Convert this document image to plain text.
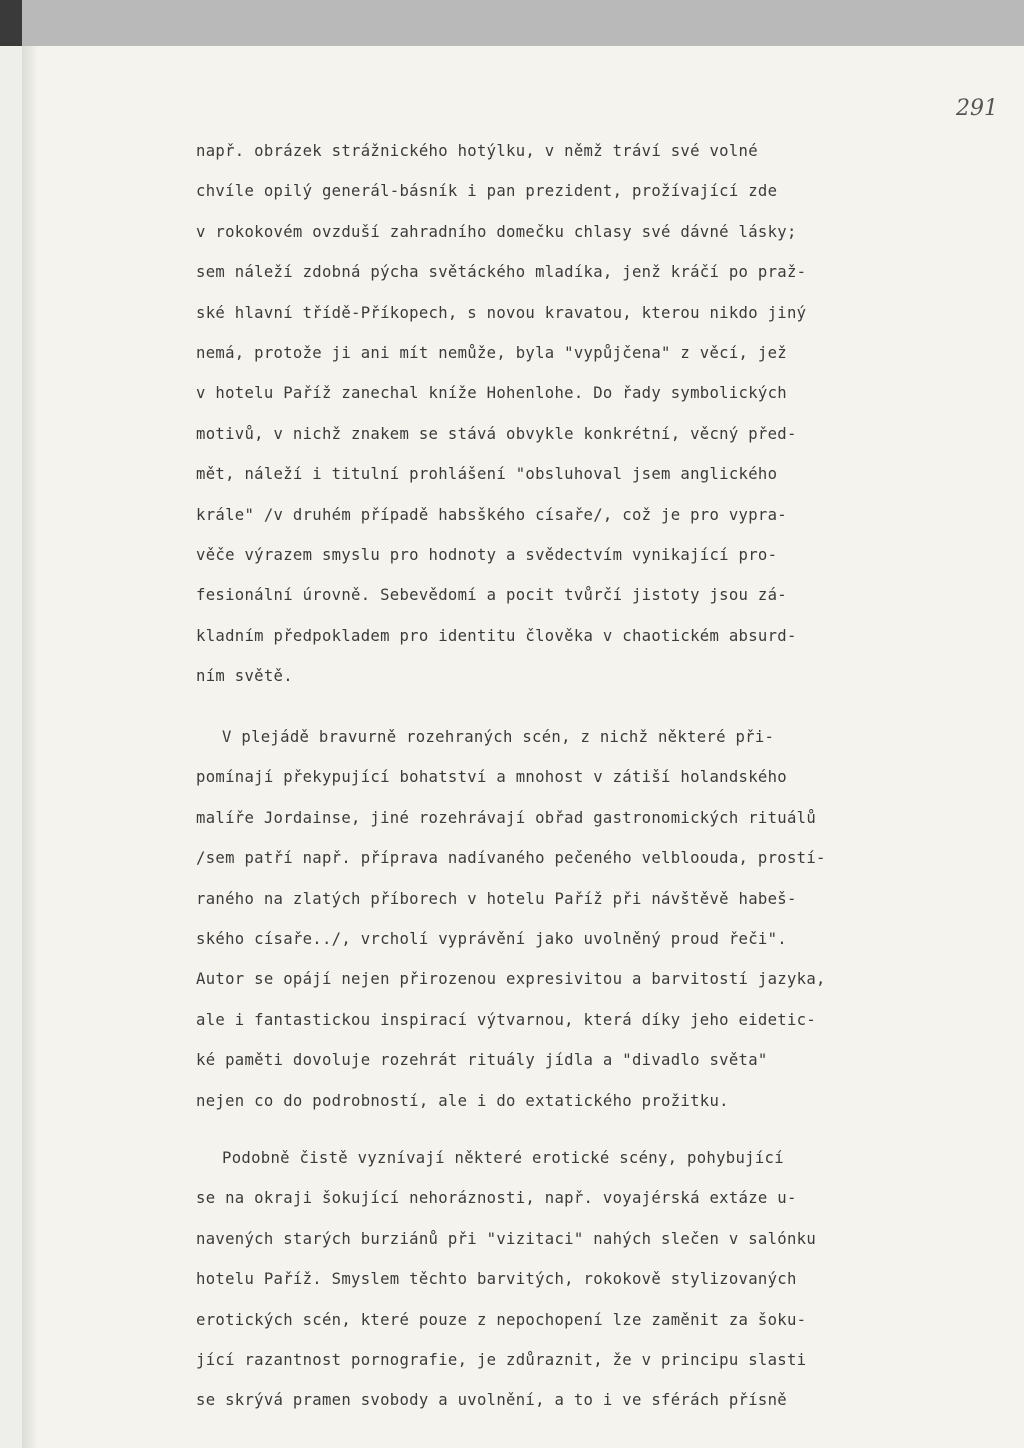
291
např. obrázek strážnického hotýlku, v němž tráví své volné
chvíle opilý generál-básník i pan prezident, prožívající zde
v rokokovém ovzduší zahradního domečku chlasy své dávné lásky;
sem náleží zdobná pýcha světáckého mladíka, jenž kráčí po praž-
ské hlavní třídě-Příkopech, s novou kravatou, kterou nikdo jiný
nemá, protože ji ani mít nemůže, byla "vypůjčena" z věcí, jež
v hotelu Paříž zanechal kníže Hohenlohe. Do řady symbolických
motivů, v nichž znakem se stává obvykle konkrétní, věcný před-
mět, náleží i titulní prohlášení "obsluhoval jsem anglického
krále" /v druhém případě habsškého císaře/, což je pro vypra-
věče výrazem smyslu pro hodnoty a svědectvím vynikající pro-
fesionální úrovně. Sebevědomí a pocit tvůrčí jistoty jsou zá-
kladním předpokladem pro identitu člověka v chaotickém absurd-
ním světě.
V plejádě bravurně rozehraných scén, z nichž některé při-
pomínají překypující bohatství a mnohost v zátiší holandského
malíře Jordainse, jiné rozehrávají obřad gastronomických rituálů
/sem patří např. příprava nadívaného pečeného velbloouda, prostí-
raného na zlatých příborech v hotelu Paříž při návštěvě habeš-
ského císaře../, vrcholí vyprávění jako uvolněný proud řeči".
Autor se opájí nejen přirozenou expresivitou a barvitostí jazyka,
ale i fantastickou inspirací výtvarnou, která díky jeho eidetic-
ké paměti dovoluje rozehrát rituály jídla a "divadlo světa"
nejen co do podrobností, ale i do extatického prožitku.
Podobně čistě vyznívají některé erotické scény, pohybující
se na okraji šokující nehoráznosti, např. voyajérská extáze u-
navených starých burziánů při "vizitaci" nahých slečen v salónku
hotelu Paříž. Smyslem těchto barvitých, rokokově stylizovaných
erotických scén, které pouze z nepochopení lze zaměnit za šoku-
jící razantnost pornografie, je zdůraznit, že v principu slasti
se skrývá pramen svobody a uvolnění, a to i ve sférách přísně
